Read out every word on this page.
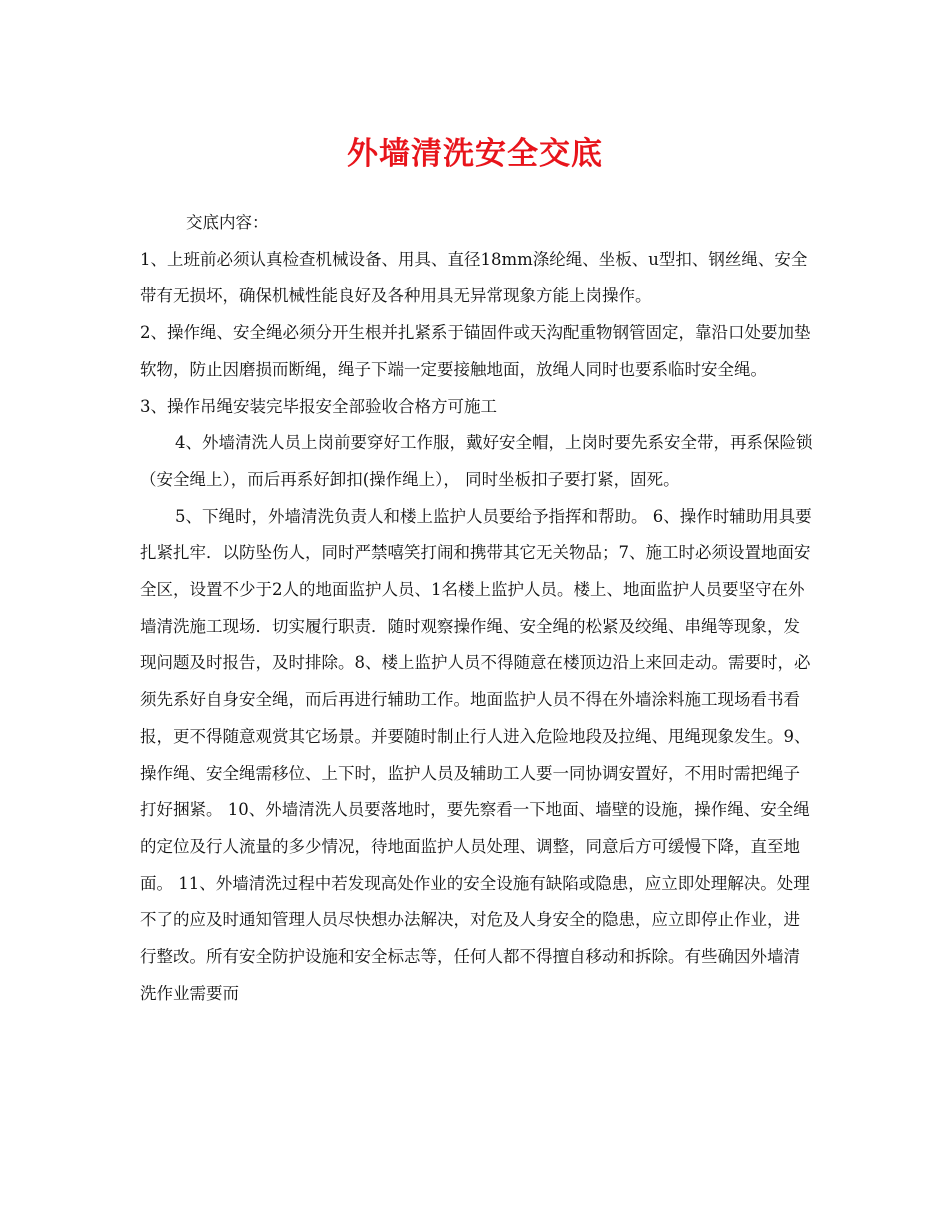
外墙清洗安全交底

交底内容：

1、上班前必须认真检查机械设备、用具、直径18mm涤纶绳、坐板、u型扣、钢丝绳、安全带有无损坏，确保机械性能良好及各种用具无异常现象方能上岗操作。

2、操作绳、安全绳必须分开生根并扎紧系于锚固件或天沟配重物钢管固定，靠沿口处要加垫软物，防止因磨损而断绳，绳子下端一定要接触地面，放绳人同时也要系临时安全绳。

3、操作吊绳安装完毕报安全部验收合格方可施工

4、外墙清洗人员上岗前要穿好工作服，戴好安全帽，上岗时要先系安全带，再系保险锁（安全绳上），而后再系好卸扣(操作绳上）， 同时坐板扣子要打紧，固死。

5、下绳时，外墙清洗负责人和楼上监护人员要给予指挥和帮助。 6、操作时辅助用具要扎紧扎牢．以防坠伤人，同时严禁嘻笑打闹和携带其它无关物品；7、施工时必须设置地面安全区，设置不少于2人的地面监护人员、1名楼上监护人员。楼上、地面监护人员要坚守在外墙清洗施工现场．切实履行职责．随时观察操作绳、安全绳的松紧及绞绳、串绳等现象，发现问题及时报告，及时排除。8、楼上监护人员不得随意在楼顶边沿上来回走动。需要时，必须先系好自身安全绳，而后再进行辅助工作。地面监护人员不得在外墙涂料施工现场看书看报，更不得随意观赏其它场景。并要随时制止行人进入危险地段及拉绳、甩绳现象发生。9、操作绳、安全绳需移位、上下时，监护人员及辅助工人要一同协调安置好，不用时需把绳子打好捆紧。 10、外墙清洗人员要落地时，要先察看一下地面、墙壁的设施，操作绳、安全绳的定位及行人流量的多少情况，待地面监护人员处理、调整，同意后方可缓慢下降，直至地面。 11、外墙清洗过程中若发现高处作业的安全设施有缺陷或隐患，应立即处理解决。处理不了的应及时通知管理人员尽快想办法解决，对危及人身安全的隐患，应立即停止作业，进行整改。所有安全防护设施和安全标志等，任何人都不得擅自移动和拆除。有些确因外墙清洗作业需要而
